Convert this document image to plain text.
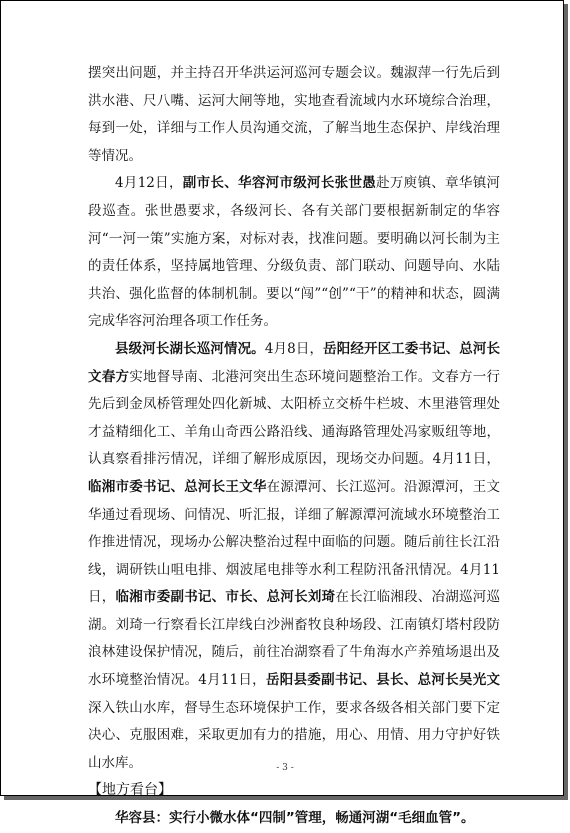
摆突出问题，并主持召开华洪运河巡河专题会议。魏淑萍一行先后到洪水港、尺八嘴、运河大闸等地，实地查看流域内水环境综合治理，每到一处，详细与工作人员沟通交流，了解当地生态保护、岸线治理等情况。

4月12日，副市长、华容河市级河长张世愚赴万庾镇、章华镇河段巡查。张世愚要求，各级河长、各有关部门要根据新制定的华容河“一河一策”实施方案，对标对表，找准问题。要明确以河长制为主的责任体系，坚持属地管理、分级负责、部门联动、问题导向、水陆共治、强化监督的体制机制。要以“闯”“创”“干”的精神和状态，圆满完成华容河治理各项工作任务。

县级河长湖长巡河情况。4月8日，岳阳经开区工委书记、总河长文春方实地督导南、北港河突出生态环境问题整治工作。文春方一行先后到金凤桥管理处四化新城、太阳桥立交桥牛栏坡、木里港管理处才益精细化工、羊角山奇西公路沿线、通海路管理处冯家贩纽等地，认真察看排污情况，详细了解形成原因，现场交办问题。4月11日，临湘市委书记、总河长王文华在源潭河、长江巡河。沿源潭河，王文华通过看现场、问情况、听汇报，详细了解源潭河流域水环境整治工作推进情况，现场办公解决整治过程中面临的问题。随后前往长江沿线，调研铁山咀电排、烟波尾电排等水利工程防汛备汛情况。4月11日，临湘市委副书记、市长、总河长刘琦在长江临湘段、冶湖巡河巡湖。刘琦一行察看长江岸线白沙洲畜牧良种场段、江南镇灯塔村段防浪林建设保护情况，随后，前往冶湖察看了牛角海水产养殖场退出及水环境整治情况。4月11日，岳阳县委副书记、县长、总河长吴光文深入铁山水库，督导生态环境保护工作，要求各级各相关部门要下定决心、克服困难，采取更加有力的措施，用心、用情、用力守护好铁山水库。

【地方看台】

华容县：实行小微水体“四制”管理，畅通河湖“毛细血管”。

- 3 -
